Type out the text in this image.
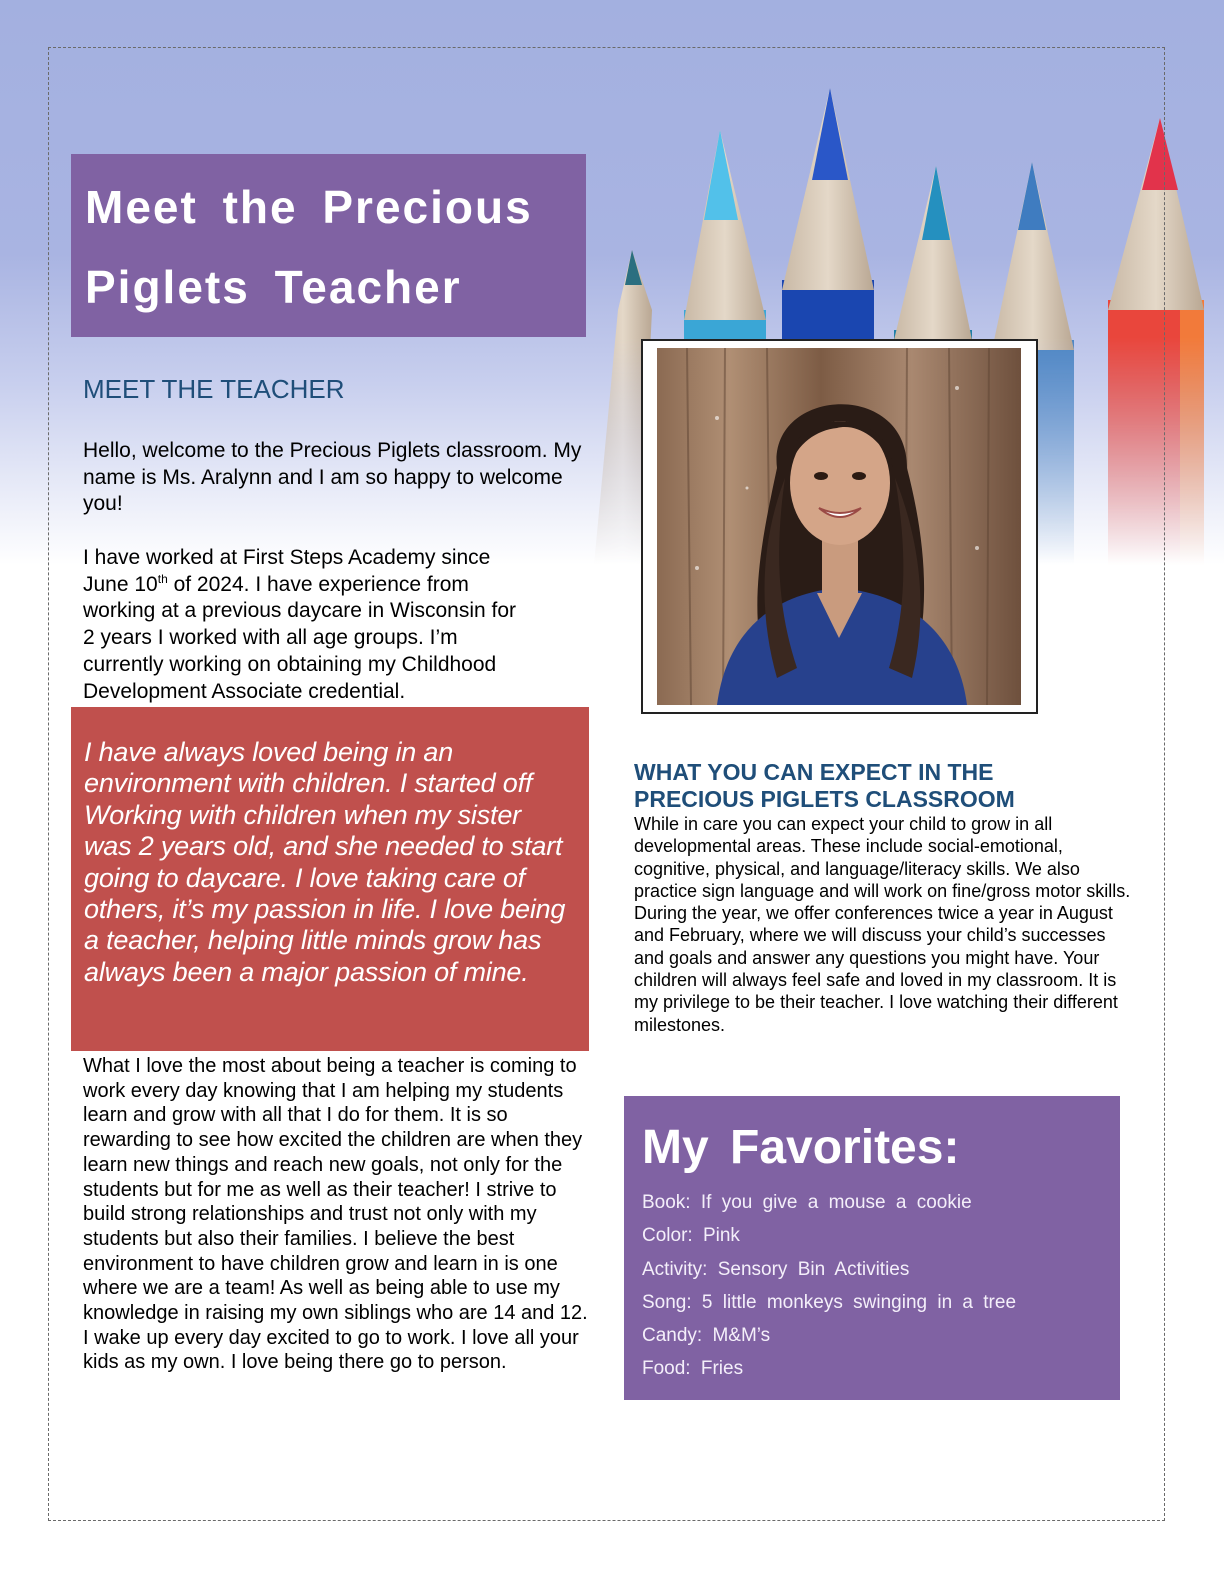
Meet the Precious
Piglets Teacher
MEET THE TEACHER
Hello, welcome to the Precious Piglets classroom. My name is Ms. Aralynn and I am so happy to welcome you!

I have worked at First Steps Academy since

June 10th of 2024. I have experience from

working at a previous daycare in Wisconsin for

2 years I worked with all age groups. I’m

currently working on obtaining my Childhood

Development Associate credential.

I have always loved being in an environment with children. I started off Working with children when my sister was 2 years old, and she needed to start going to daycare. I love taking care of others, it’s my passion in life. I love being a teacher, helping little minds grow has always been a major passion of mine.
What I love the most about being a teacher is coming to work every day knowing that I am helping my students learn and grow with all that I do for them. It is so rewarding to see how excited the children are when they learn new things and reach new goals, not only for the students but for me as well as their teacher! I strive to build strong relationships and trust not only with my students but also their families. I believe the best environment to have children grow and learn in is one where we are a team! As well as being able to use my knowledge in raising my own siblings who are 14 and 12. I wake up every day excited to go to work. I love all your kids as my own. I love being there go to person.
WHAT YOU CAN EXPECT IN THE PRECIOUS PIGLETS CLASSROOM
While in care you can expect your child to grow in all developmental areas. These include social-emotional, cognitive, physical, and language/literacy skills. We also practice sign language and will work on fine/gross motor skills. During the year, we offer conferences twice a year in August and February, where we will discuss your child’s successes and goals and answer any questions you might have. Your children will always feel safe and loved in my classroom. It is my privilege to be their teacher. I love watching their different milestones.
My Favorites:
Book: If you give a mouse a cookie
Color: Pink
Activity: Sensory Bin Activities
Song: 5 little monkeys swinging in a tree
Candy: M&M’s
Food: Fries
